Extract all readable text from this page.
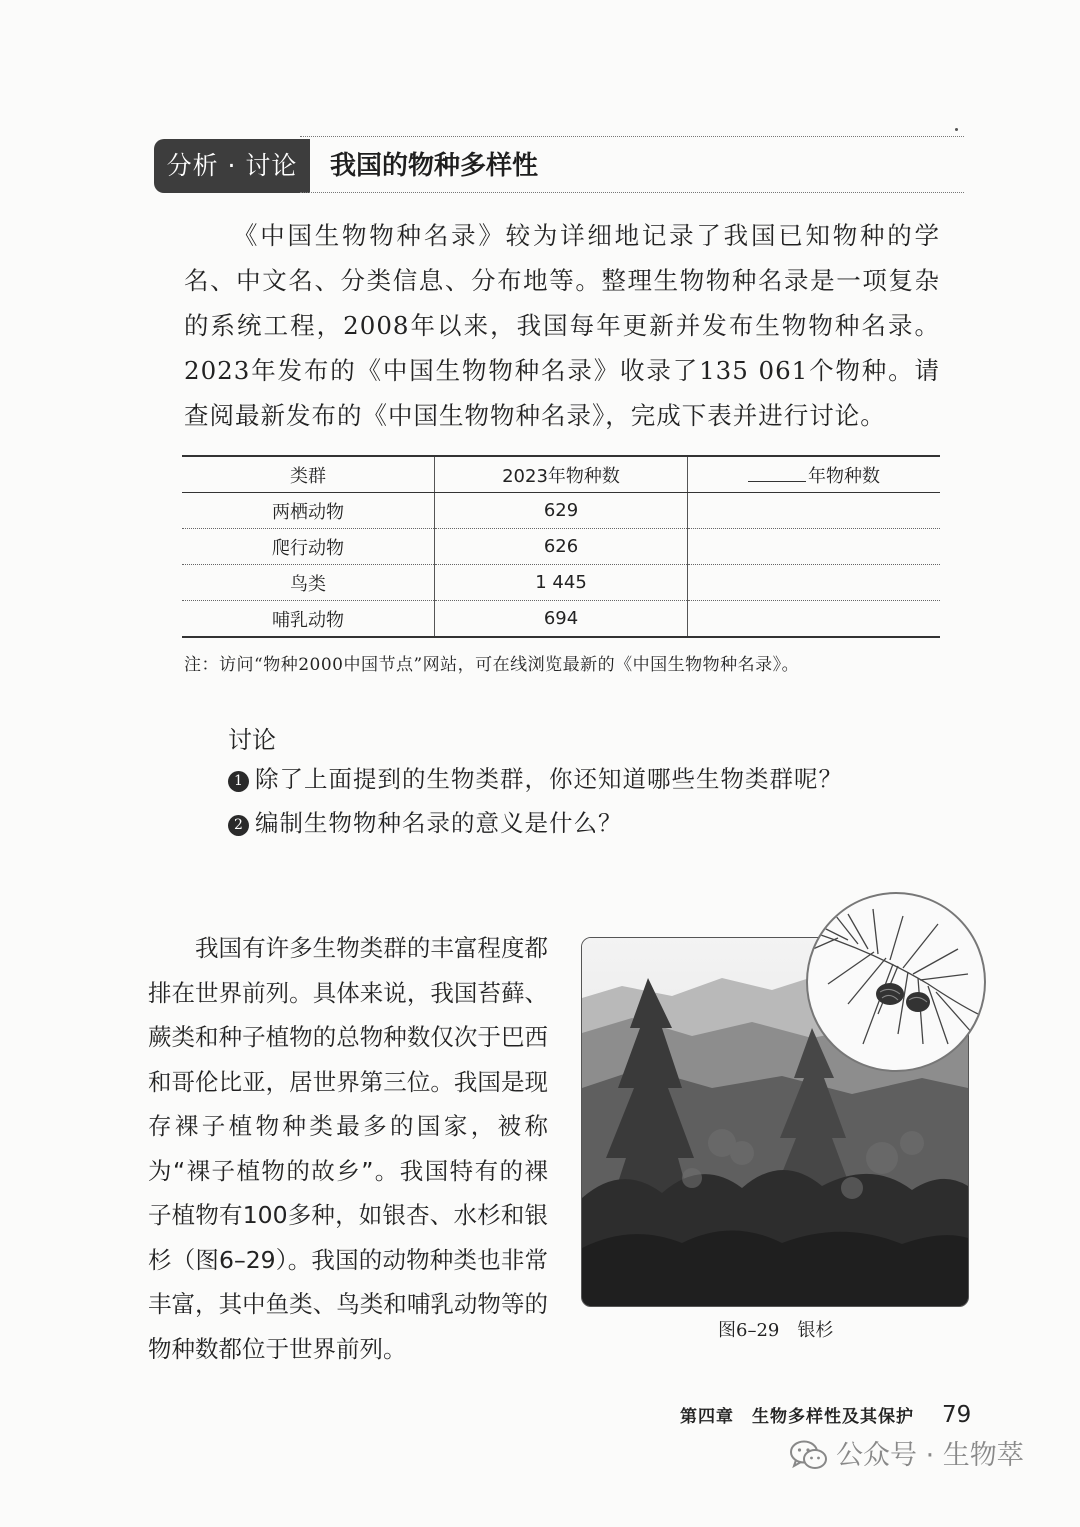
分析 · 讨论	我国的物种多样性

《中国生物物种名录》较为详细地记录了我国已知物种的学名、中文名、分类信息、分布地等。整理生物物种名录是一项复杂的系统工程，2008年以来，我国每年更新并发布生物物种名录。2023年发布的《中国生物物种名录》收录了135 061个物种。请查阅最新发布的《中国生物物种名录》，完成下表并进行讨论。

类群	2023年物种数	年物种数
两栖动物	629	
爬行动物	626	
鸟类	1 445	
哺乳动物	694	
注：访问“物种2000中国节点”网站，可在线浏览最新的《中国生物物种名录》。
讨论
1 除了上面提到的生物类群，你还知道哪些生物类群呢？
2 编制生物物种名录的意义是什么？

我国有许多生物类群的丰富程度都排在世界前列。具体来说，我国苔藓、蕨类和种子植物的总物种数仅次于巴西和哥伦比亚，居世界第三位。我国是现存裸子植物种类最多的国家，被称为“裸子植物的故乡”。我国特有的裸子植物有100多种，如银杏、水杉和银杉（图6–29）。我国的动物种类也非常丰富，其中鱼类、鸟类和哺乳动物等的物种数都位于世界前列。

图6–29　银杉
第四章　生物多样性及其保护 79
公众号 · 生物萃
